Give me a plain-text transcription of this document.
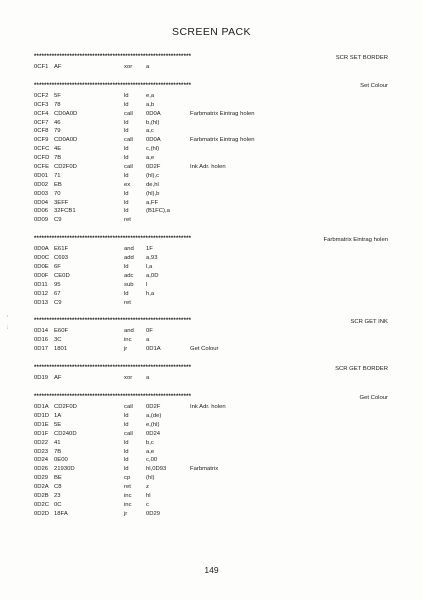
SCREEN PACK
**************************************************************	SCR SET BORDER
0CF1 AF	xor	a
**************************************************************	Set Colour
0CF2 5F	ld	e,a
0CF3 78	ld	a,b
0CF4 CD0A0D	call	0D0A	Farbmatrix Eintrag holen
0CF7 46	ld	b,(hl)
0CF8 79	ld	a,c
0CF9 CD0A0D	call	0D0A	Farbmatrix Eintrag holen
0CFC 4E	ld	c,(hl)
0CFD 7B	ld	a,e
0CFE CD2F0D	call	0D2F	Ink Adr. holen
0D01	71	ld	(hl),c
0D02	EB	ex	de,hl
0D03	70	ld	(hl),b
0D04	3EFF	ld	a,FF
0D06	32FCB1	ld	(B1FC),a
0D09	C9	ret
**************************************************************	Farbmatrix Eintrag holen
0D0A E61F	and	1F
0D0C C693	add	a,93
0D0E 6F	ld	l,a
0D0F CE0D	adc	a,0D
0D11	95	sub	l
0D12	67	ld	h,a
0D13	C9	ret
**************************************************************	SCR GET INK
0D14	E60F	and	0F
0D16	3C	inc	a
0D17	1801	jr	0D1A	Get Colour
**************************************************************	SCR GET BORDER
0D19	AF	xor	a
**************************************************************	Get Colour
0D1A CD2F0D	call	0D2F	Ink Adr. holen
0D1D 1A	ld	a,(de)
0D1E 5E	ld	e,(hl)
0D1F CD240D	call	0D24
0D22	41	ld	b,c
0D23	7B	ld	a,e
0D24	0E00	ld	c,00
0D26	21930D	ld	hl,0D93	Farbmatrix
0D29	BE	cp	(hl)
0D2A C8	ret	z
0D2B 23	inc	hl
0D2C 0C	inc	c
0D2D 18FA	jr	0D29
'
.
'
149
